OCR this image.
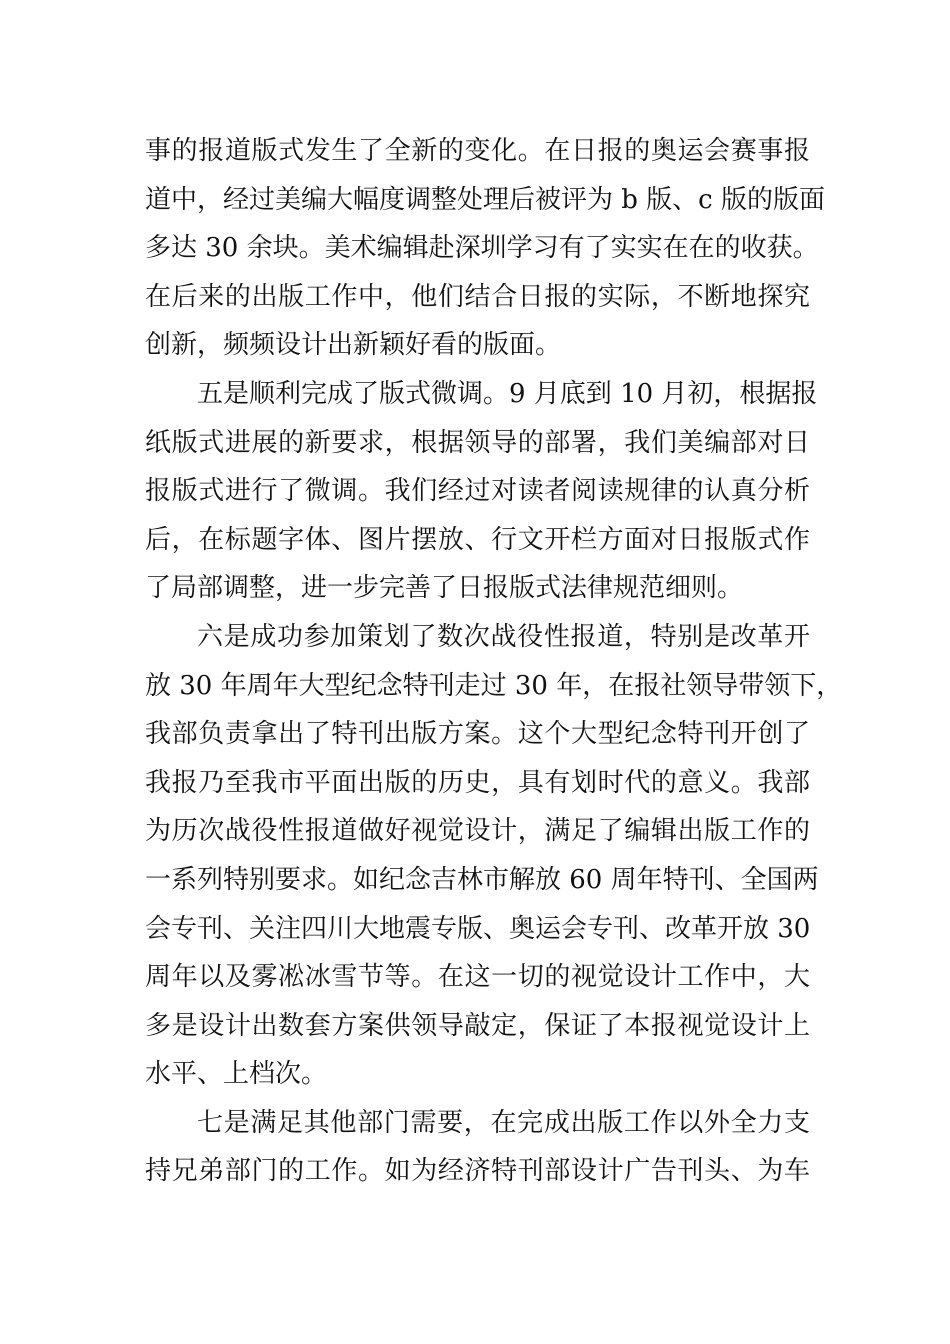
事的报道版式发生了全新的变化。在日报的奥运会赛事报
道中，经过美编大幅度调整处理后被评为 b 版、c 版的版面
多达 30 余块。美术编辑赴深圳学习有了实实在在的收获。
在后来的出版工作中，他们结合日报的实际，不断地探究
创新，频频设计出新颖好看的版面。
五是顺利完成了版式微调。9 月底到 10 月初，根据报
纸版式进展的新要求，根据领导的部署，我们美编部对日
报版式进行了微调。我们经过对读者阅读规律的认真分析
后，在标题字体、图片摆放、行文开栏方面对日报版式作
了局部调整，进一步完善了日报版式法律规范细则。
六是成功参加策划了数次战役性报道，特别是改革开
放 30 年周年大型纪念特刊走过 30 年，在报社领导带领下，
我部负责拿出了特刊出版方案。这个大型纪念特刊开创了
我报乃至我市平面出版的历史，具有划时代的意义。我部
为历次战役性报道做好视觉设计，满足了编辑出版工作的
一系列特别要求。如纪念吉林市解放 60 周年特刊、全国两
会专刊、关注四川大地震专版、奥运会专刊、改革开放 30
周年以及雾凇冰雪节等。在这一切的视觉设计工作中，大
多是设计出数套方案供领导敲定，保证了本报视觉设计上
水平、上档次。
七是满足其他部门需要，在完成出版工作以外全力支
持兄弟部门的工作。如为经济特刊部设计广告刊头、为车
